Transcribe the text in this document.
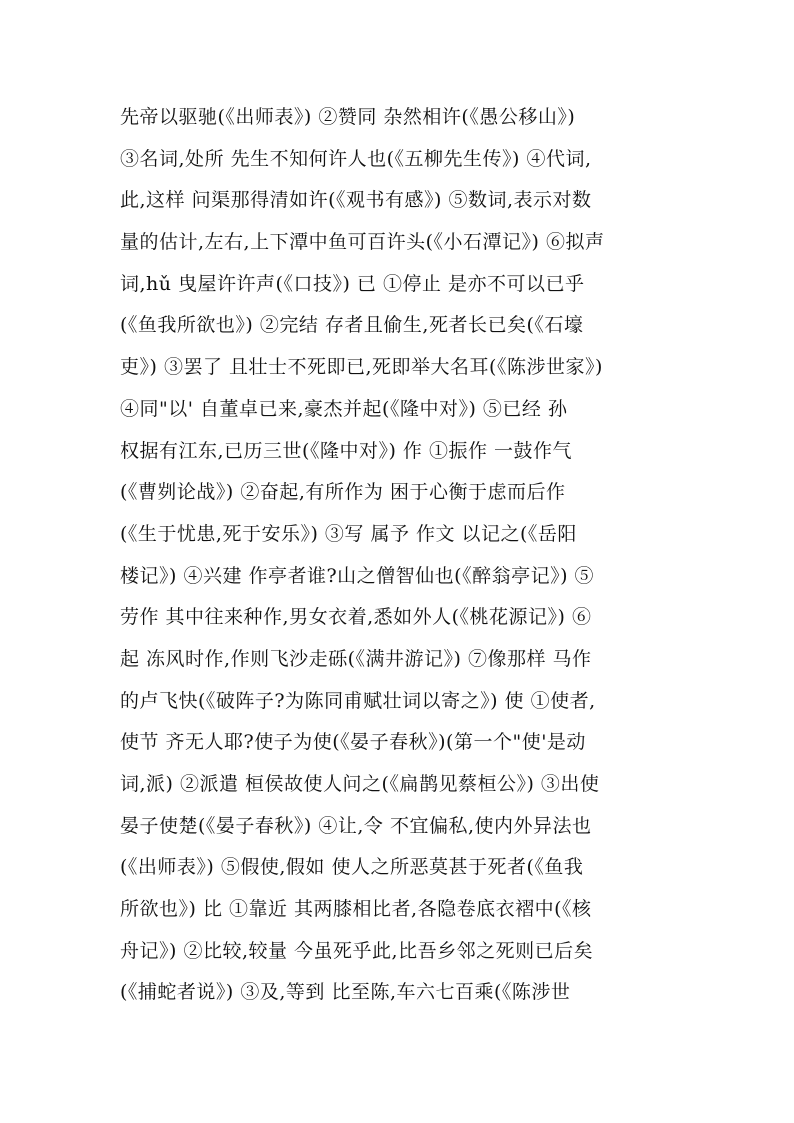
先帝以驱驰(《出师表》) ②赞同 杂然相许(《愚公移山》)
③名词,处所 先生不知何许人也(《五柳先生传》) ④代词,
此,这样 问渠那得清如许(《观书有感》) ⑤数词,表示对数
量的估计,左右,上下潭中鱼可百许头(《小石潭记》) ⑥拟声
词,hǔ 曳屋许许声(《口技》) 已 ①停止 是亦不可以已乎
(《鱼我所欲也》) ②完结 存者且偷生,死者长已矣(《石壕
吏》) ③罢了 且壮士不死即已,死即举大名耳(《陈涉世家》)
④同"以' 自董卓已来,豪杰并起(《隆中对》) ⑤已经 孙
权据有江东,已历三世(《隆中对》) 作 ①振作 一鼓作气
(《曹刿论战》) ②奋起,有所作为 困于心衡于虑而后作
(《生于忧患,死于安乐》) ③写 属予 作文 以记之(《岳阳
楼记》) ④兴建 作亭者谁?山之僧智仙也(《醉翁亭记》) ⑤
劳作 其中往来种作,男女衣着,悉如外人(《桃花源记》) ⑥
起 冻风时作,作则飞沙走砾(《满井游记》) ⑦像那样 马作
的卢飞快(《破阵子?为陈同甫赋壮词以寄之》) 使 ①使者,
使节 齐无人耶?使子为使(《晏子春秋》)(第一个"使'是动
词,派) ②派遣 桓侯故使人问之(《扁鹊见蔡桓公》) ③出使
晏子使楚(《晏子春秋》) ④让,令 不宜偏私,使内外异法也
(《出师表》) ⑤假使,假如 使人之所恶莫甚于死者(《鱼我
所欲也》) 比 ①靠近 其两膝相比者,各隐卷底衣褶中(《核
舟记》) ②比较,较量 今虽死乎此,比吾乡邻之死则已后矣
(《捕蛇者说》) ③及,等到 比至陈,车六七百乘(《陈涉世
